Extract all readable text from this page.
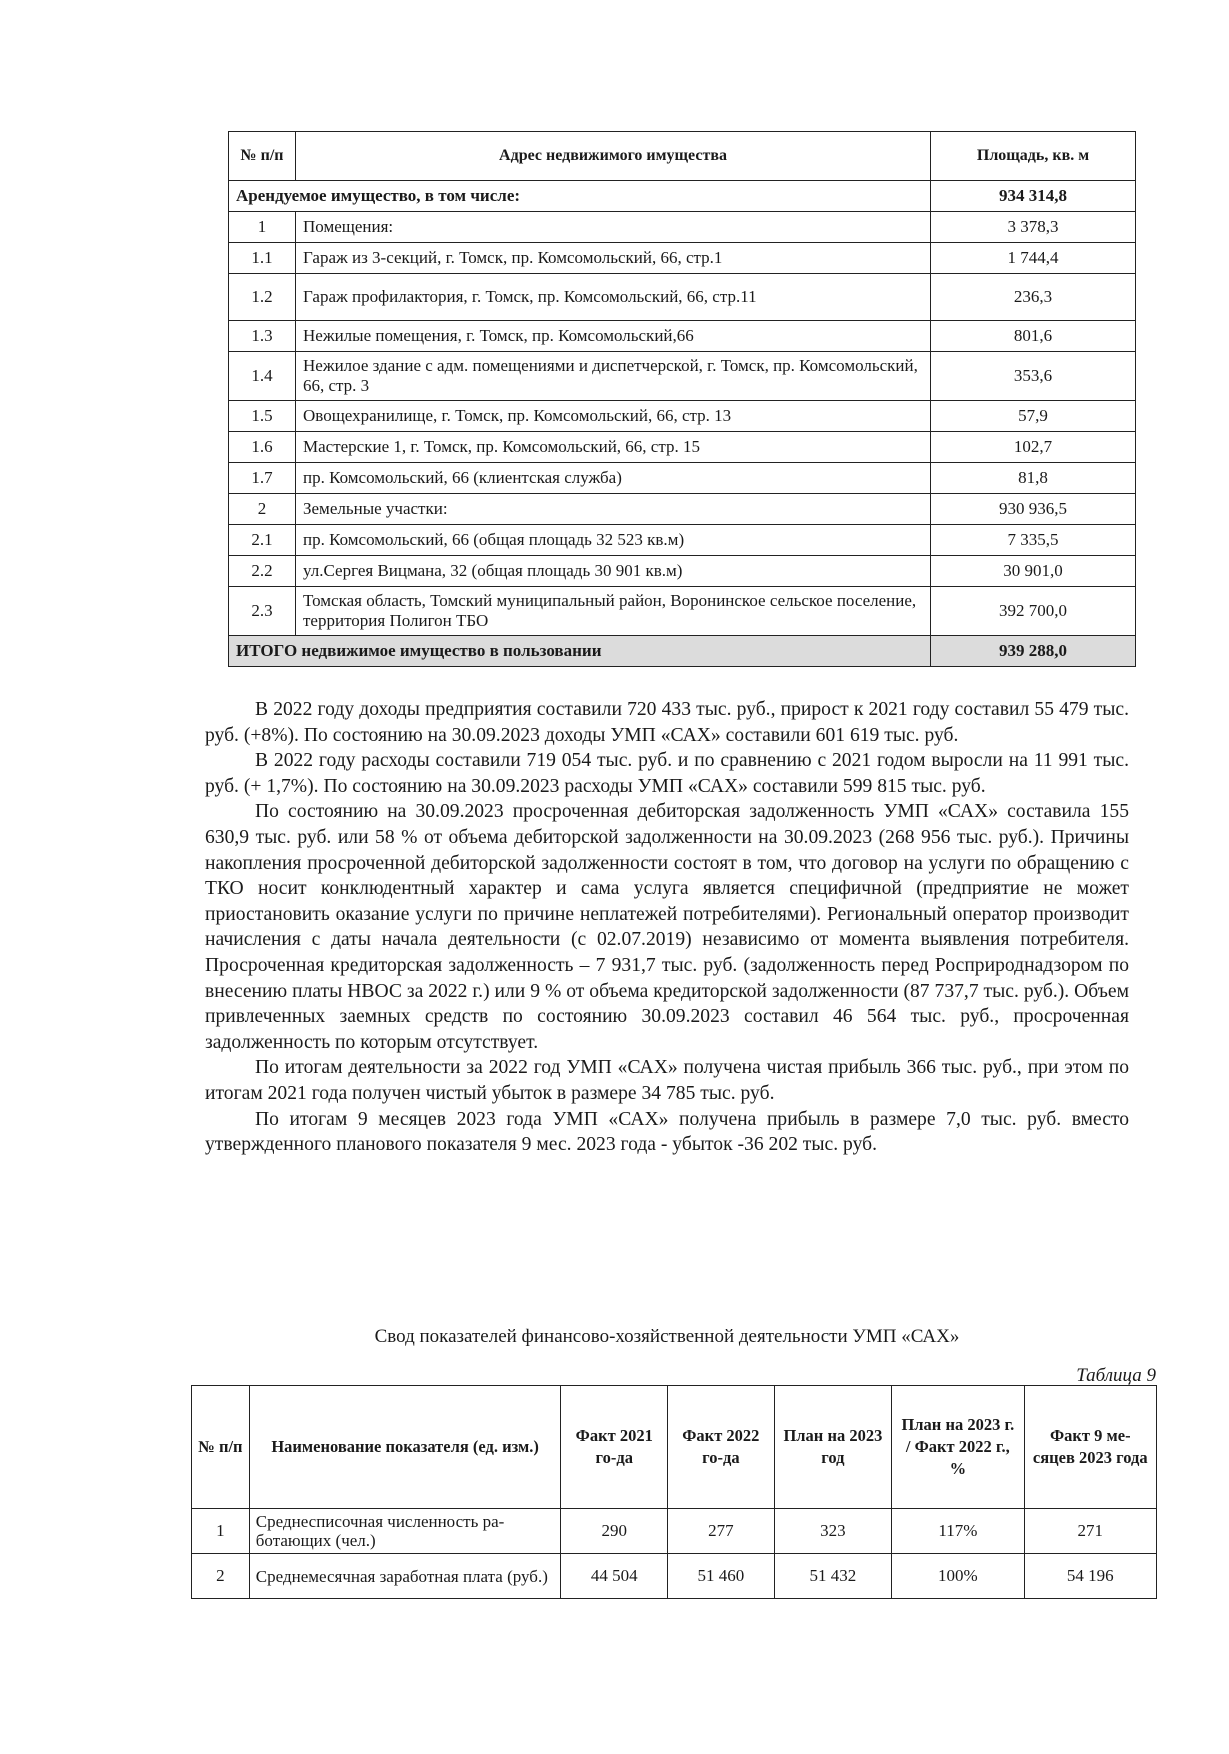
№ п/п	Адрес недвижимого имущества	Площадь, кв. м
Арендуемое имущество, в том числе:		934 314,8
1	Помещения:	3 378,3
1.1	Гараж из 3-секций, г. Томск, пр. Комсомольский, 66, стр.1	1 744,4
1.2	Гараж профилактория, г. Томск, пр. Комсомольский, 66, стр.11	236,3
1.3	Нежилые помещения, г. Томск, пр. Комсомольский,66	801,6
1.4	Нежилое здание с адм. помещениями и диспетчерской, г. Томск, пр. Комсомольский, 66, стр. 3	353,6
1.5	Овощехранилище, г. Томск, пр. Комсомольский, 66, стр. 13	57,9
1.6	Мастерские 1, г. Томск, пр. Комсомольский, 66, стр. 15	102,7
1.7	пр. Комсомольский, 66 (клиентская служба)	81,8
2	Земельные участки:	930 936,5
2.1	пр. Комсомольский, 66 (общая площадь 32 523 кв.м)	7 335,5
2.2	ул.Сергея Вицмана, 32 (общая площадь 30 901 кв.м)	30 901,0
2.3	Томская область, Томский муниципальный район, Воронинское сельское поселение, территория Полигон ТБО	392 700,0
ИТОГО недвижимое имущество в пользовании		939 288,0

В 2022 году доходы предприятия составили 720 433 тыс. руб., прирост к 2021 году составил 55 479 тыс. руб. (+8%). По состоянию на 30.09.2023 доходы УМП «САХ» составили 601 619 тыс. руб.

В 2022 году расходы составили 719 054 тыс. руб. и по сравнению с 2021 годом выросли на 11 991 тыс. руб. (+ 1,7%). По состоянию на 30.09.2023 расходы УМП «САХ» составили 599 815 тыс. руб.

По состоянию на 30.09.2023 просроченная дебиторская задолженность УМП «САХ» составила 155 630,9 тыс. руб. или 58 % от объема дебиторской задолженности на 30.09.2023 (268 956 тыс. руб.). Причины накопления просроченной дебиторской задолженности состоят в том, что договор на услуги по обращению с ТКО носит конклюдентный характер и сама услуга является специфичной (предприятие не может приостановить оказание услуги по причине неплатежей потребителями). Региональный оператор производит начисления с даты начала деятельности (с 02.07.2019) независимо от момента выявления потребителя. Просроченная кредиторская задолженность – 7 931,7 тыс. руб. (задолженность перед Росприроднадзором по внесению платы НВОС за 2022 г.) или 9 % от объема кредиторской задолженности (87 737,7 тыс. руб.). Объем привлеченных заемных средств по состоянию 30.09.2023 составил 46 564 тыс. руб., просроченная задолженность по которым отсутствует.

По итогам деятельности за 2022 год УМП «САХ» получена чистая прибыль 366 тыс. руб., при этом по итогам 2021 года получен чистый убыток в размере 34 785 тыс. руб.

По итогам 9 месяцев 2023 года УМП «САХ» получена прибыль в размере 7,0 тыс. руб. вместо утвержденного планового показателя 9 мес. 2023 года - убыток -36 202 тыс. руб.

Свод показателей финансово-хозяйственной деятельности УМП «САХ»
Таблица 9
№ п/п	Наименование показателя (ед. изм.)	Факт 2021 го-да	Факт 2022 го-да	План на 2023 год	План на 2023 г. / Факт 2022 г., %	Факт 9 ме-сяцев 2023 года
1	Среднесписочная численность ра-ботающих (чел.)	290	277	323	117%	271
2	Среднемесячная заработная плата (руб.)	44 504	51 460	51 432	100%	54 196
